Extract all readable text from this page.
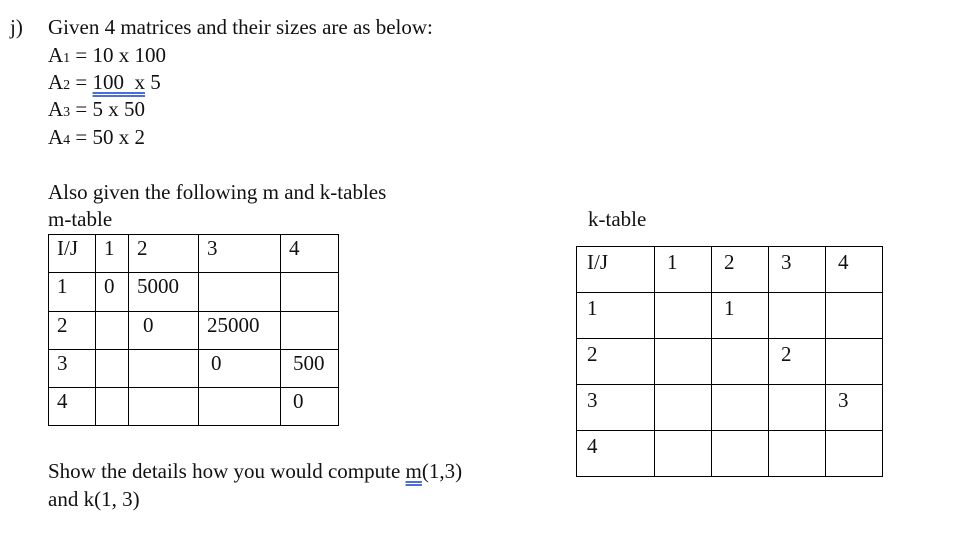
j) Given 4 matrices and their sizes are as below:
A1 = 10 x 100
A2 = 100 x 5
A3 = 5 x 50
A4 = 50 x 2
Also given the following m and k-tables
m-table	k-table
I/J	1	2	3	4
1	0	5000		
2		0	25000	
3			0	500
4				0
I/J	1	2	3	4
1		1		
2			2	
3				3
4				
Show the details how you would compute m(1,3)
and k(1, 3)
